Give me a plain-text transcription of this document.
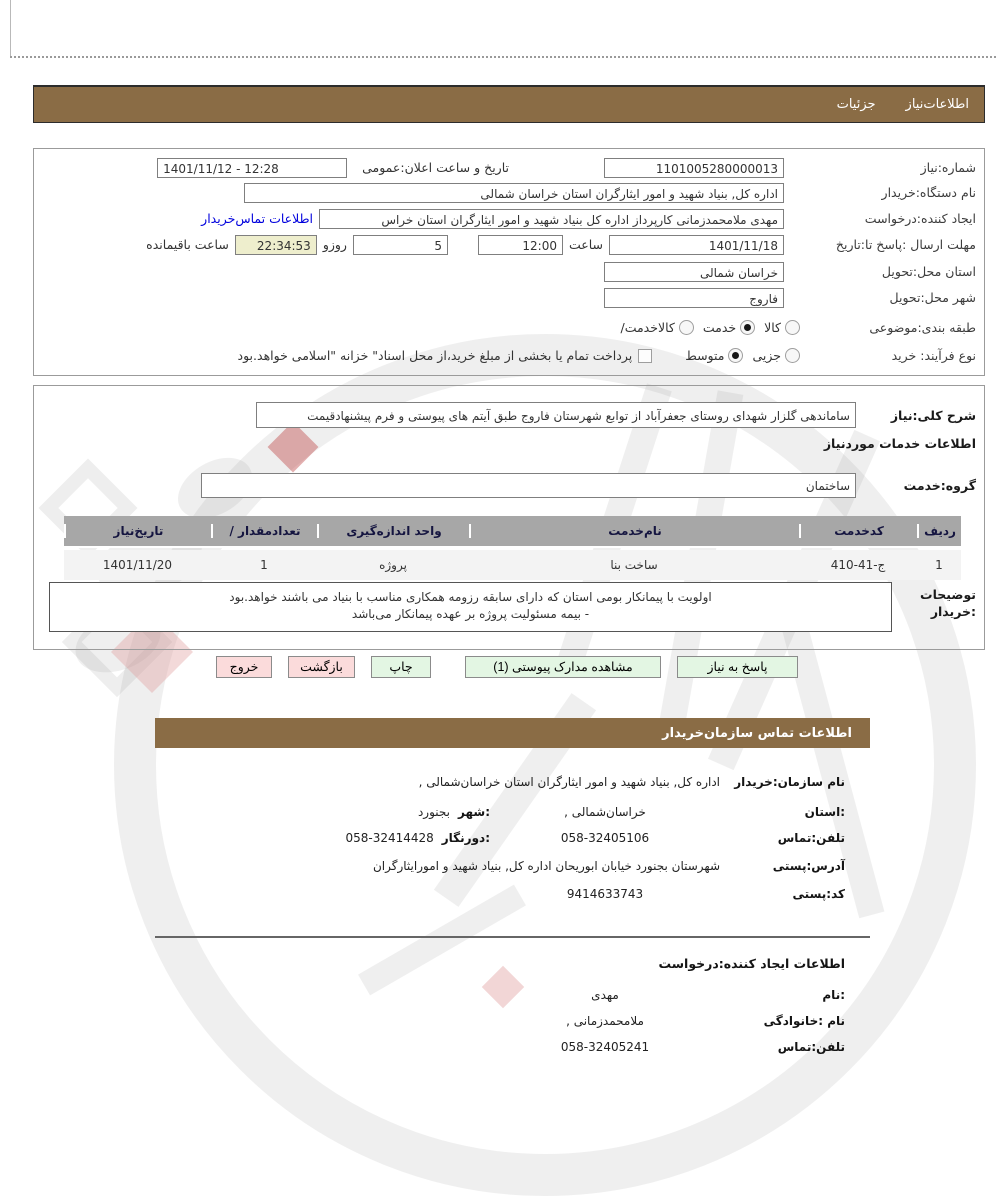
اطلاعات‌نیاز
جزئیات
شماره:نیاز
1101005280000013
تاریخ و ساعت اعلان:عمومی
1401/11/12 - 12:28
نام دستگاه:خریدار
اداره کل, بنیاد شهید و امور ایثارگران استان خراسان شمالی
ایجاد کننده:درخواست
مهدی ملامحمدزمانی کارپرداز اداره کل بنیاد شهید و امور ایثارگران استان خراس
اطلاعات تماس‌خریدار
مهلت ارسال :پاسخ تا:تاریخ
1401/11/18
ساعت
12:00
5
روزو
22:34:53
ساعت باقیمانده
استان محل:تحویل
خراسان شمالی
شهر محل:تحویل
فاروج
طبقه بندی:موضوعی
کالا
خدمت
کالاخدمت/
نوع فرآیند: خرید
جزیی
متوسط
پرداخت تمام یا بخشی از مبلغ خرید،از محل اسناد" خزانه "اسلامی خواهد.بود
شرح کلی:نیاز
ساماندهی گلزار شهدای روستای جعفرآباد از توابع شهرستان فاروج طبق آیتم های پیوستی و فرم پیشنهادقیمت
اطلاعات خدمات موردنیاز
گروه:خدمت
ساختمان
ردیف
کدخدمت
نام‌خدمت
واحد اندازه‌گیری
تعدادمقدار /
تاریخ‌نیاز
1
ج-41-410
ساخت بنا
پروژه
1
1401/11/20
توضیحات
:خریدار
اولویت با پیمانکار بومی استان که دارای سابقه رزومه همکاری مناسب با بنیاد می باشند خواهد.بود
- بیمه مسئولیت پروژه بر عهده پیمانکار می‌باشد
پاسخ به نیاز
مشاهده مدارک پیوستی (1)
چاپ
بازگشت
خروج
اطلاعات تماس سازمان‌خریدار
نام سازمان:خریدار
اداره کل, بنیاد شهید و امور ایثارگران استان خراسان‌شمالی ,
:استان
خراسان‌شمالی ,
:شهر
بجنورد
تلفن:تماس
058-32405106
:دورنگار
058-32414428
آدرس:پستی
شهرستان بجنورد خیابان ابوریحان اداره کل, بنیاد شهید و امورایثارگران
کد:پستی
9414633743
اطلاعات ایجاد کننده:درخواست
:نام
مهدی
نام :خانوادگی
ملامحمدزمانی ,
تلفن:تماس
058-32405241
